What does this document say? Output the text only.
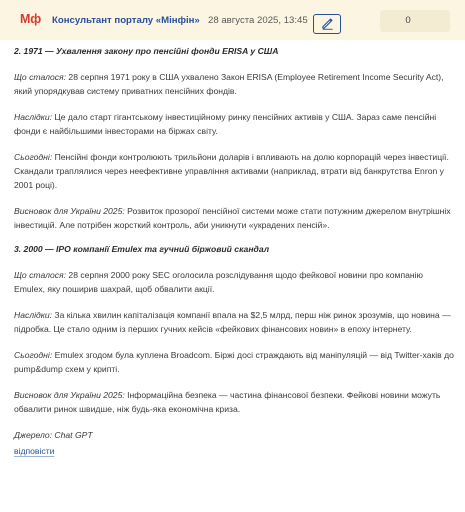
Мф Консультант порталу «Мінфін» 28 августа 2025, 13:45	0
2. 1971 — Ухвалення закону про пенсійні фонди ERISA у США

Що сталося: 28 серпня 1971 року в США ухвалено Закон ERISA (Employee Retirement Income Security Act), який упорядкував систему приватних пенсійних фондів.

Наслідки: Це дало старт гігантському інвестиційному ринку пенсійних активів у США. Зараз саме пенсійні фонди є найбільшими інвесторами на біржах світу.

Сьогодні: Пенсійні фонди контролюють трильйони доларів і впливають на долю корпорацій через інвестиції. Скандали траплялися через неефективне управління активами (наприклад, втрати від банкрутства Enron у 2001 році).

Висновок для України 2025: Розвиток прозорої пенсійної системи може стати потужним джерелом внутрішніх інвестицій. Але потрібен жорсткий контроль, аби уникнути «украдених пенсій».

3. 2000 — IPO компанії Emulex та гучний біржовий скандал

Що сталося: 28 серпня 2000 року SEC оголосила розслідування щодо фейкової новини про компанію Emulex, яку поширив шахрай, щоб обвалити акції.

Наслідки: За кілька хвилин капіталізація компанії впала на $2,5 млрд, перш ніж ринок зрозумів, що новина — підробка. Це стало одним із перших гучних кейсів «фейкових фінансових новин» в епоху інтернету.

Сьогодні: Emulex згодом була куплена Broadcom. Біржі досі страждають від маніпуляцій — від Twitter-хаків до pump&dump схем у крипті.

Висновок для України 2025: Інформаційна безпека — частина фінансової безпеки. Фейкові новини можуть обвалити ринок швидше, ніж будь-яка економічна криза.

Джерело: Chat GPT

відповісти
